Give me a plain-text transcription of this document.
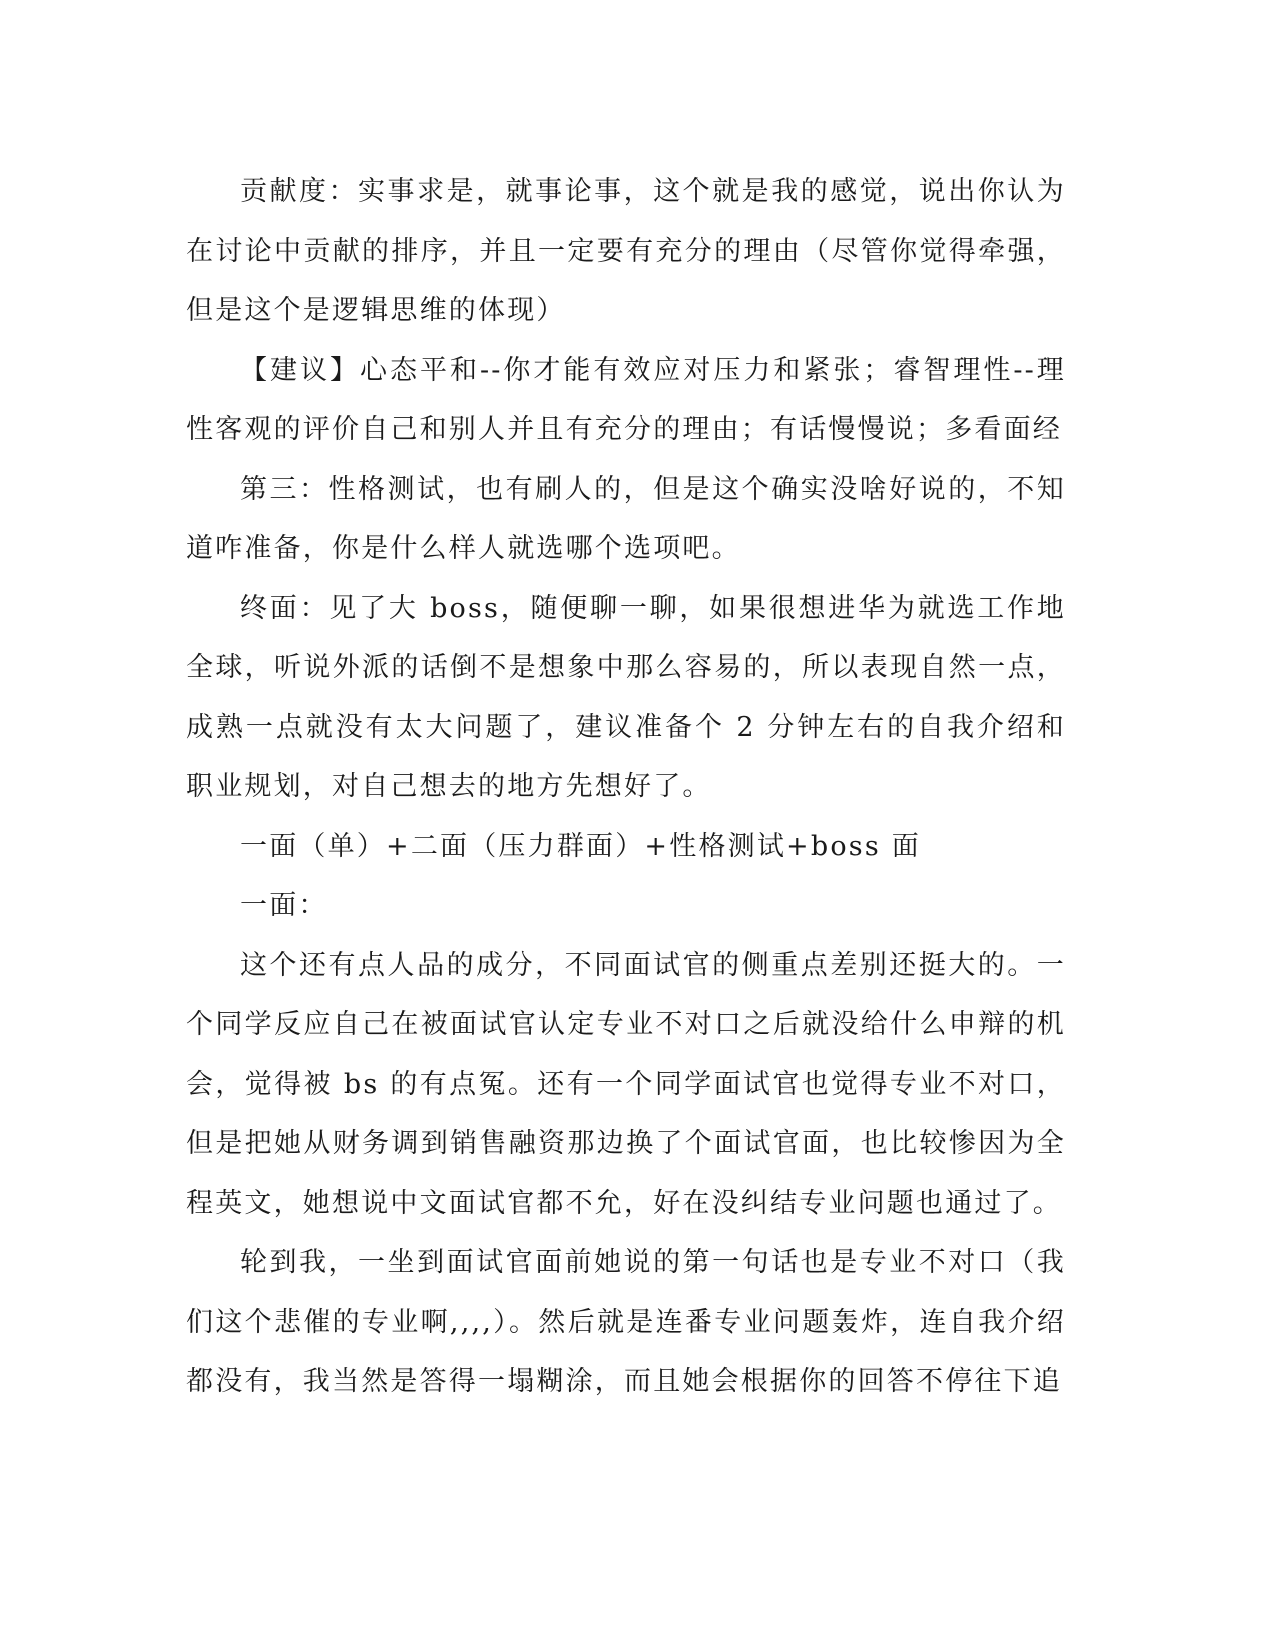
贡献度：实事求是，就事论事，这个就是我的感觉，说出你认为在讨论中贡献的排序，并且一定要有充分的理由（尽管你觉得牵强，但是这个是逻辑思维的体现）

【建议】心态平和--你才能有效应对压力和紧张；睿智理性--理性客观的评价自己和别人并且有充分的理由；有话慢慢说；多看面经

第三：性格测试，也有刷人的，但是这个确实没啥好说的，不知道咋准备，你是什么样人就选哪个选项吧。

终面：见了大 boss，随便聊一聊，如果很想进华为就选工作地全球，听说外派的话倒不是想象中那么容易的，所以表现自然一点，成熟一点就没有太大问题了，建议准备个 2 分钟左右的自我介绍和职业规划，对自己想去的地方先想好了。

一面（单）+二面（压力群面）+性格测试+boss 面

一面：

这个还有点人品的成分，不同面试官的侧重点差别还挺大的。一个同学反应自己在被面试官认定专业不对口之后就没给什么申辩的机会，觉得被 bs 的有点冤。还有一个同学面试官也觉得专业不对口，但是把她从财务调到销售融资那边换了个面试官面，也比较惨因为全程英文，她想说中文面试官都不允，好在没纠结专业问题也通过了。

轮到我，一坐到面试官面前她说的第一句话也是专业不对口（我们这个悲催的专业啊,,,,）。然后就是连番专业问题轰炸，连自我介绍都没有，我当然是答得一塌糊涂，而且她会根据你的回答不停往下追
